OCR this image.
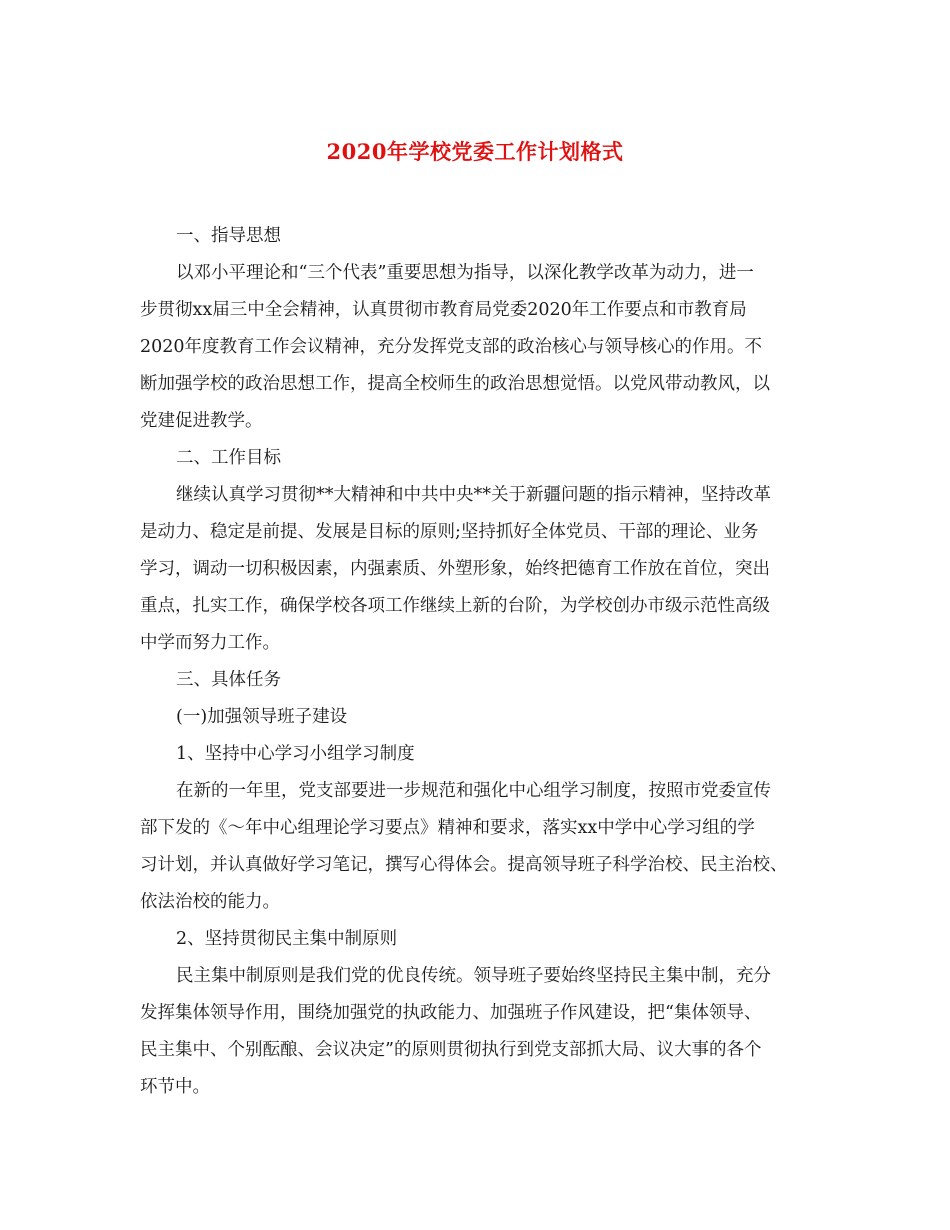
2020年学校党委工作计划格式
一、指导思想
以邓小平理论和“三个代表”重要思想为指导，以深化教学改革为动力，进一
步贯彻xx届三中全会精神，认真贯彻市教育局党委2020年工作要点和市教育局
2020年度教育工作会议精神，充分发挥党支部的政治核心与领导核心的作用。不
断加强学校的政治思想工作，提高全校师生的政治思想觉悟。以党风带动教风，以
党建促进教学。
二、工作目标
继续认真学习贯彻**大精神和中共中央**关于新疆问题的指示精神，坚持改革
是动力、稳定是前提、发展是目标的原则;坚持抓好全体党员、干部的理论、业务
学习，调动一切积极因素，内强素质、外塑形象，始终把德育工作放在首位，突出
重点，扎实工作，确保学校各项工作继续上新的台阶，为学校创办市级示范性高级
中学而努力工作。
三、具体任务
(一)加强领导班子建设
1、坚持中心学习小组学习制度
在新的一年里，党支部要进一步规范和强化中心组学习制度，按照市党委宣传
部下发的《～年中心组理论学习要点》精神和要求，落实xx中学中心学习组的学
习计划，并认真做好学习笔记，撰写心得体会。提高领导班子科学治校、民主治校、
依法治校的能力。
2、坚持贯彻民主集中制原则
民主集中制原则是我们党的优良传统。领导班子要始终坚持民主集中制，充分
发挥集体领导作用，围绕加强党的执政能力、加强班子作风建设，把“集体领导、
民主集中、个别酝酿、会议决定”的原则贯彻执行到党支部抓大局、议大事的各个
环节中。
